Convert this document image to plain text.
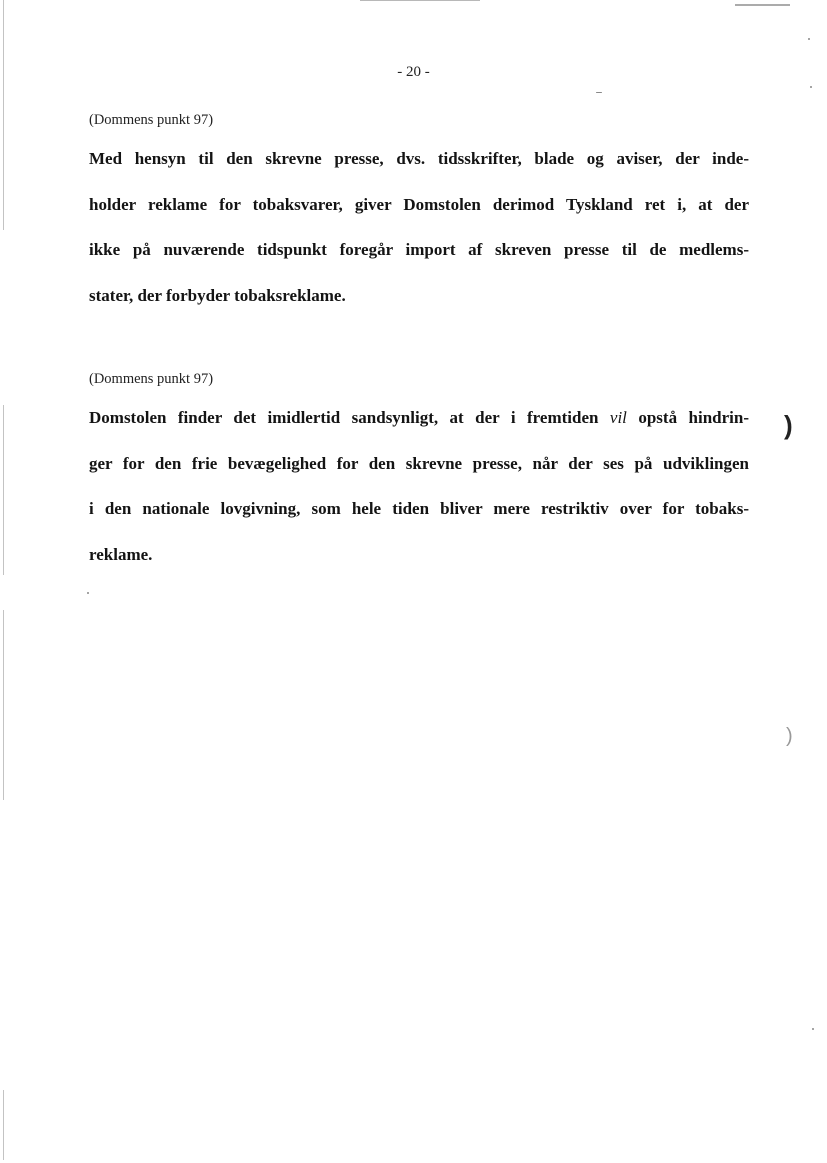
)
)
- 20 -
(Dommens punkt 97)
Med hensyn til den skrevne presse, dvs. tidsskrifter, blade og aviser, der inde-
holder reklame for tobaksvarer, giver Domstolen derimod Tyskland ret i, at der
ikke på nuværende tidspunkt foregår import af skreven presse til de medlems-
stater, der forbyder tobaksreklame.
(Dommens punkt 97)
Domstolen finder det imidlertid sandsynligt, at der i fremtiden vil opstå hindrin-
ger for den frie bevægelighed for den skrevne presse, når der ses på udviklingen
i den nationale lovgivning, som hele tiden bliver mere restriktiv over for tobaks-
reklame.
